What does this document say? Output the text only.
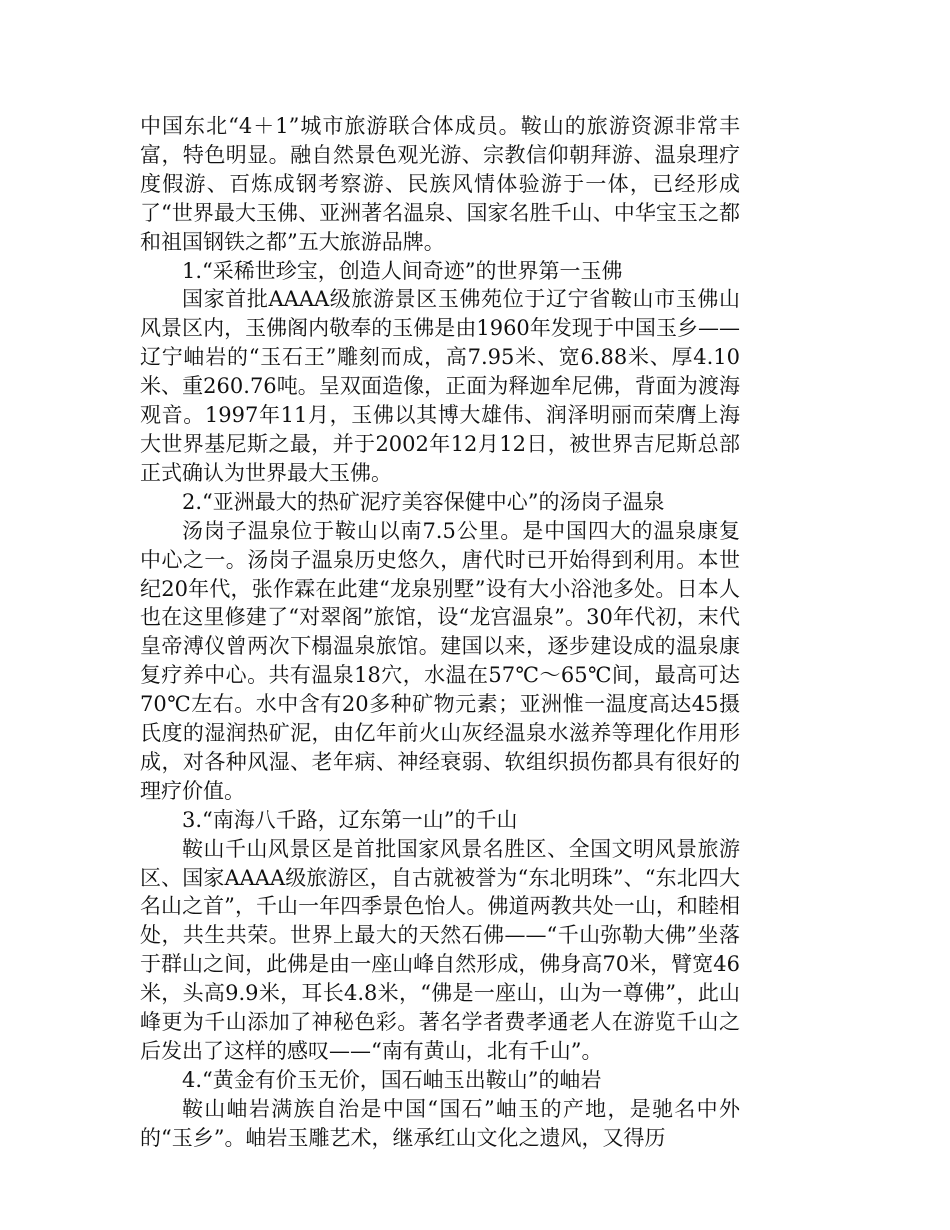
中国东北“4＋1”城市旅游联合体成员。鞍山的旅游资源非常丰富，特色明显。融自然景色观光游、宗教信仰朝拜游、温泉理疗度假游、百炼成钢考察游、民族风情体验游于一体，已经形成了“世界最大玉佛、亚洲著名温泉、国家名胜千山、中华宝玉之都和祖国钢铁之都”五大旅游品牌。

1.“采稀世珍宝，创造人间奇迹”的世界第一玉佛

国家首批AAAA级旅游景区玉佛苑位于辽宁省鞍山市玉佛山风景区内，玉佛阁内敬奉的玉佛是由1960年发现于中国玉乡——辽宁岫岩的“玉石王”雕刻而成，高7.95米、宽6.88米、厚4.10米、重260.76吨。呈双面造像，正面为释迦牟尼佛，背面为渡海观音。1997年11月，玉佛以其博大雄伟、润泽明丽而荣膺上海大世界基尼斯之最，并于2002年12月12日，被世界吉尼斯总部正式确认为世界最大玉佛。

2.“亚洲最大的热矿泥疗美容保健中心”的汤岗子温泉

汤岗子温泉位于鞍山以南7.5公里。是中国四大的温泉康复中心之一。汤岗子温泉历史悠久，唐代时已开始得到利用。本世纪20年代，张作霖在此建“龙泉别墅”设有大小浴池多处。日本人也在这里修建了“对翠阁”旅馆，设“龙宫温泉”。30年代初，末代皇帝溥仪曾两次下榻温泉旅馆。建国以来，逐步建设成的温泉康复疗养中心。共有温泉18穴，水温在57℃～65℃间，最高可达70℃左右。水中含有20多种矿物元素；亚洲惟一温度高达45摄氏度的湿润热矿泥，由亿年前火山灰经温泉水滋养等理化作用形成，对各种风湿、老年病、神经衰弱、软组织损伤都具有很好的理疗价值。

3.“南海八千路，辽东第一山”的千山

鞍山千山风景区是首批国家风景名胜区、全国文明风景旅游区、国家AAAA级旅游区，自古就被誉为“东北明珠”、“东北四大名山之首”，千山一年四季景色怡人。佛道两教共处一山，和睦相处，共生共荣。世界上最大的天然石佛——“千山弥勒大佛”坐落于群山之间，此佛是由一座山峰自然形成，佛身高70米，臂宽46米，头高9.9米，耳长4.8米，“佛是一座山，山为一尊佛”，此山峰更为千山添加了神秘色彩。著名学者费孝通老人在游览千山之后发出了这样的感叹——“南有黄山，北有千山”。

4.“黄金有价玉无价，国石岫玉出鞍山”的岫岩

鞍山岫岩满族自治是中国“国石”岫玉的产地，是驰名中外的“玉乡”。岫岩玉雕艺术，继承红山文化之遗风，又得历
